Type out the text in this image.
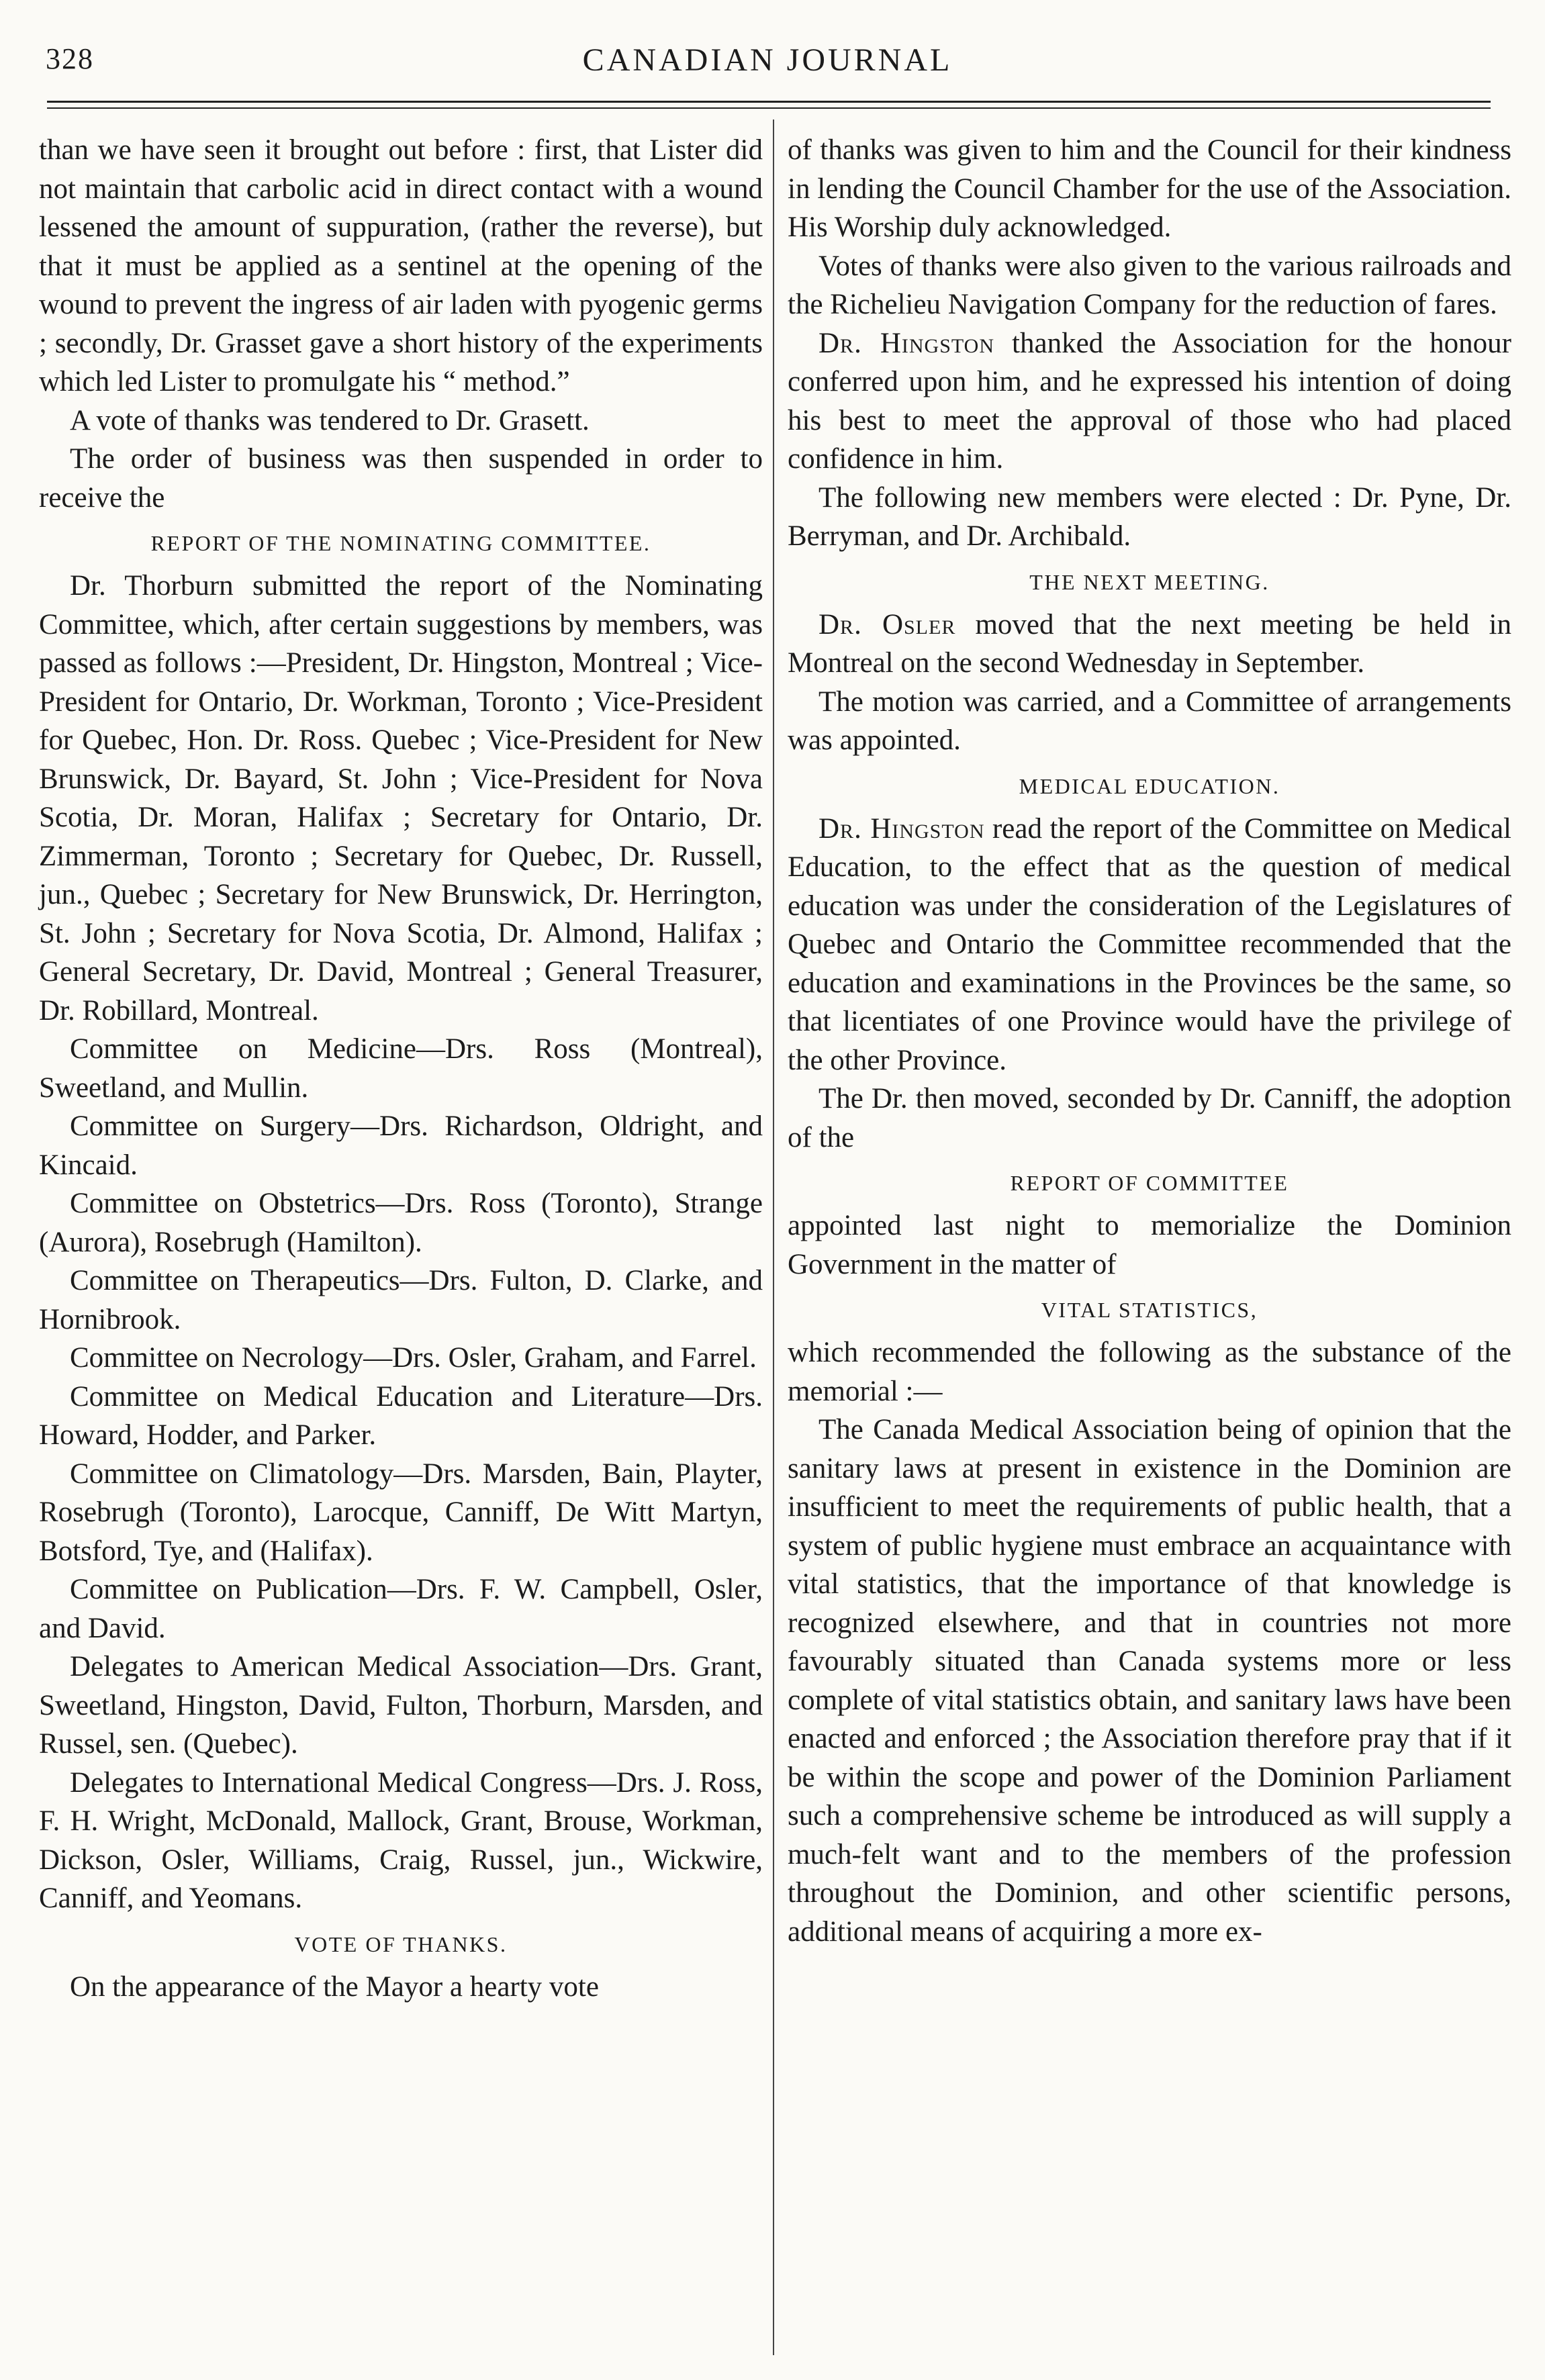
328	CANADIAN JOURNAL

than we have seen it brought out before : first, that Lister did not maintain that carbolic acid in direct contact with a wound lessened the amount of suppuration, (rather the reverse), but that it must be applied as a sentinel at the opening of the wound to prevent the ingress of air laden with pyogenic germs ; secondly, Dr. Grasset gave a short history of the experiments which led Lister to promulgate his “ method.”

A vote of thanks was tendered to Dr. Grasett.

The order of business was then suspended in order to receive the

REPORT OF THE NOMINATING COMMITTEE.

Dr. Thorburn submitted the report of the Nominating Committee, which, after certain suggestions by members, was passed as follows :—President, Dr. Hingston, Montreal ; Vice-President for Ontario, Dr. Workman, Toronto ; Vice-President for Quebec, Hon. Dr. Ross. Quebec ; Vice-President for New Brunswick, Dr. Bayard, St. John ; Vice-President for Nova Scotia, Dr. Moran, Halifax ; Secretary for Ontario, Dr. Zimmerman, Toronto ; Secretary for Quebec, Dr. Russell, jun., Quebec ; Secretary for New Brunswick, Dr. Herrington, St. John ; Secretary for Nova Scotia, Dr. Almond, Halifax ; General Secretary, Dr. David, Montreal ; General Treasurer, Dr. Robillard, Montreal.

Committee on Medicine—Drs. Ross (Montreal), Sweetland, and Mullin.

Committee on Surgery—Drs. Richardson, Oldright, and Kincaid.

Committee on Obstetrics—Drs. Ross (Toronto), Strange (Aurora), Rosebrugh (Hamilton).

Committee on Therapeutics—Drs. Fulton, D. Clarke, and Hornibrook.

Committee on Necrology—Drs. Osler, Graham, and Farrel.

Committee on Medical Education and Literature—Drs. Howard, Hodder, and Parker.

Committee on Climatology—Drs. Marsden, Bain, Playter, Rosebrugh (Toronto), Larocque, Canniff, De Witt Martyn, Botsford, Tye, and (Halifax).

Committee on Publication—Drs. F. W. Campbell, Osler, and David.

Delegates to American Medical Association—Drs. Grant, Sweetland, Hingston, David, Fulton, Thorburn, Marsden, and Russel, sen. (Quebec).

Delegates to International Medical Congress—Drs. J. Ross, F. H. Wright, McDonald, Mallock, Grant, Brouse, Workman, Dickson, Osler, Williams, Craig, Russel, jun., Wickwire, Canniff, and Yeomans.

VOTE OF THANKS.

On the appearance of the Mayor a hearty vote

of thanks was given to him and the Council for their kindness in lending the Council Chamber for the use of the Association. His Worship duly acknowledged.

Votes of thanks were also given to the various railroads and the Richelieu Navigation Company for the reduction of fares.

Dr. Hingston thanked the Association for the honour conferred upon him, and he expressed his intention of doing his best to meet the approval of those who had placed confidence in him.

The following new members were elected : Dr. Pyne, Dr. Berryman, and Dr. Archibald.

THE NEXT MEETING.

Dr. Osler moved that the next meeting be held in Montreal on the second Wednesday in September.

The motion was carried, and a Committee of arrangements was appointed.

MEDICAL EDUCATION.

Dr. Hingston read the report of the Committee on Medical Education, to the effect that as the question of medical education was under the consideration of the Legislatures of Quebec and Ontario the Committee recommended that the education and examinations in the Provinces be the same, so that licentiates of one Province would have the privilege of the other Province.

The Dr. then moved, seconded by Dr. Canniff, the adoption of the

REPORT OF COMMITTEE

appointed last night to memorialize the Dominion Government in the matter of

VITAL STATISTICS,

which recommended the following as the substance of the memorial :—

The Canada Medical Association being of opinion that the sanitary laws at present in existence in the Dominion are insufficient to meet the requirements of public health, that a system of public hygiene must embrace an acquaintance with vital statistics, that the importance of that knowledge is recognized elsewhere, and that in countries not more favourably situated than Canada systems more or less complete of vital statistics obtain, and sanitary laws have been enacted and enforced ; the Association therefore pray that if it be within the scope and power of the Dominion Parliament such a comprehensive scheme be introduced as will supply a much-felt want and to the members of the profession throughout the Dominion, and other scientific persons, additional means of acquiring a more ex-
